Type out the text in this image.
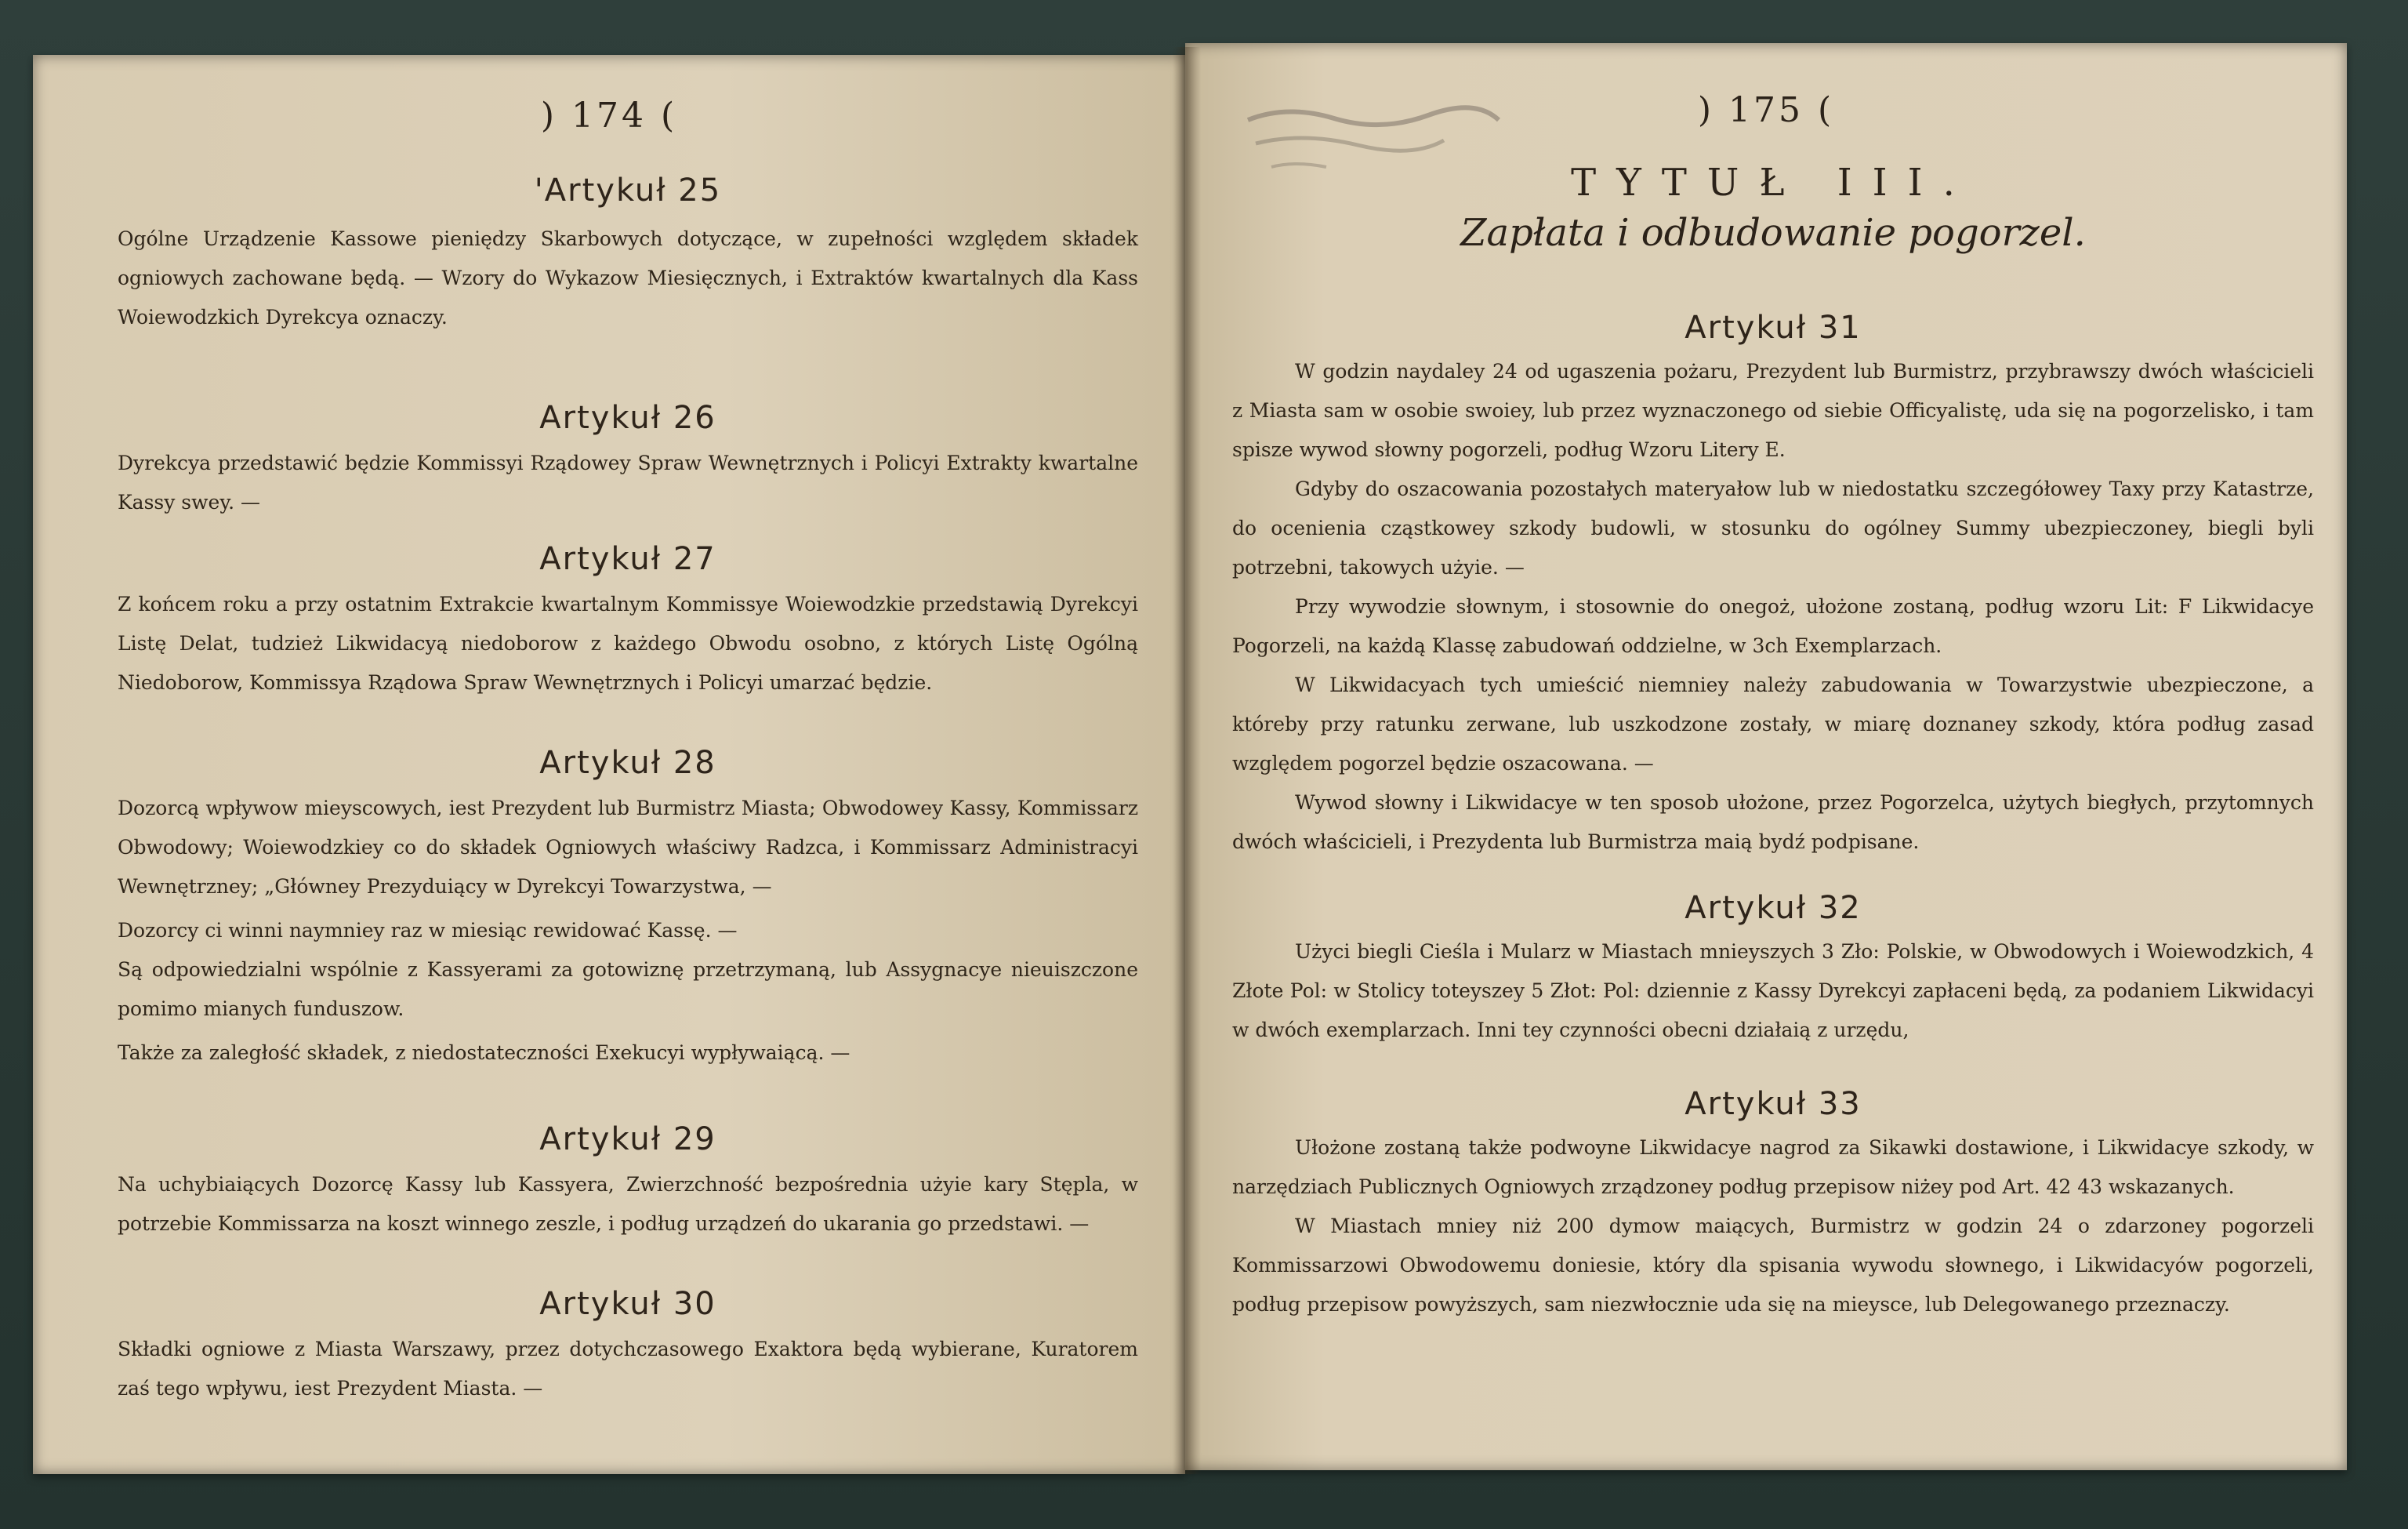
) 174 (
'Artykuł 25

Ogólne Urządzenie Kassowe pieniędzy Skarbowych dotyczące, w zupełności względem składek ogniowych zachowane będą. — Wzory do Wykazow Miesięcznych, i Extraktów kwartalnych dla Kass Woiewodzkich Dyrekcya oznaczy.

Artykuł 26

Dyrekcya przedstawić będzie Kommissyi Rządowey Spraw Wewnętrznych i Policyi Extrakty kwartalne Kassy swey. —

Artykuł 27

Z końcem roku a przy ostatnim Extrakcie kwartalnym Kommissye Woiewodzkie przedstawią Dyrekcyi Listę Delat, tudzież Likwidacyą niedoborow z każdego Obwodu osobno, z których Listę Ogólną Niedoborow, Kommissya Rządowa Spraw Wewnętrznych i Policyi umarzać będzie.

Artykuł 28

Dozorcą wpływow mieyscowych, iest Prezydent lub Burmistrz Miasta; Obwodowey Kassy, Kommissarz Obwodowy; Woiewodzkiey co do składek Ogniowych właściwy Radzca, i Kommissarz Administracyi Wewnętrzney; „Główney Prezyduiący w Dyrekcyi Towarzystwa, —

Dozorcy ci winni naymniey raz w miesiąc rewidować Kassę. —

Są odpowiedzialni wspólnie z Kassyerami za gotowiznę przetrzymaną, lub Assygnacye nieuiszczone pomimo mianych funduszow.

Także za zaległość składek, z niedostateczności Exekucyi wypływaiącą. —

Artykuł 29

Na uchybiaiących Dozorcę Kassy lub Kassyera, Zwierzchność bezpośrednia użyie kary Stępla, w potrzebie Kommissarza na koszt winnego zeszle, i podług urządzeń do ukarania go przedstawi. —

Artykuł 30

Składki ogniowe z Miasta Warszawy, przez dotychczasowego Exaktora będą wybierane, Kuratorem zaś tego wpływu, iest Prezydent Miasta. —

) 175 (
TYTUŁ III.
Zapłata i odbudowanie pogorzel.
Artykuł 31

W godzin naydaley 24 od ugaszenia pożaru, Prezydent lub Burmistrz, przybrawszy dwóch właścicieli z Miasta sam w osobie swoiey, lub przez wyznaczonego od siebie Officyalistę, uda się na pogorzelisko, i tam spisze wywod słowny pogorzeli, podług Wzoru Litery E.

Gdyby do oszacowania pozostałych materyałow lub w niedostatku szczegółowey Taxy przy Katastrze, do ocenienia cząstkowey szkody budowli, w stosunku do ogólney Summy ubezpieczoney, biegli byli potrzebni, takowych użyie. —

Przy wywodzie słownym, i stosownie do onegoż, ułożone zostaną, podług wzoru Lit: F Likwidacye Pogorzeli, na każdą Klassę zabudowań oddzielne, w 3ch Exemplarzach.

W Likwidacyach tych umieścić niemniey należy zabudowania w Towarzystwie ubezpieczone, a któreby przy ratunku zerwane, lub uszkodzone zostały, w miarę doznaney szkody, która podług zasad względem pogorzel będzie oszacowana. —

Wywod słowny i Likwidacye w ten sposob ułożone, przez Pogorzelca, użytych biegłych, przytomnych dwóch właścicieli, i Prezydenta lub Burmistrza maią bydź podpisane.

Artykuł 32

Użyci biegli Cieśla i Mularz w Miastach mnieyszych 3 Zło: Polskie, w Obwodowych i Woiewodzkich, 4 Złote Pol: w Stolicy toteyszey 5 Złot: Pol: dziennie z Kassy Dyrekcyi zapłaceni będą, za podaniem Likwidacyi w dwóch exemplarzach. Inni tey czynności obecni działaią z urzędu,

Artykuł 33

Ułożone zostaną także podwoyne Likwidacye nagrod za Sikawki dostawione, i Likwidacye szkody, w narzędziach Publicznych Ogniowych zrządzoney podług przepisow niżey pod Art. 42 43 wskazanych.

W Miastach mniey niż 200 dymow maiących, Burmistrz w godzin 24 o zdarzoney pogorzeli Kommissarzowi Obwodowemu doniesie, który dla spisania wywodu słownego, i Likwidacyów pogorzeli, podług przepisow powyższych, sam niezwłocznie uda się na mieysce, lub Delegowanego przeznaczy.
